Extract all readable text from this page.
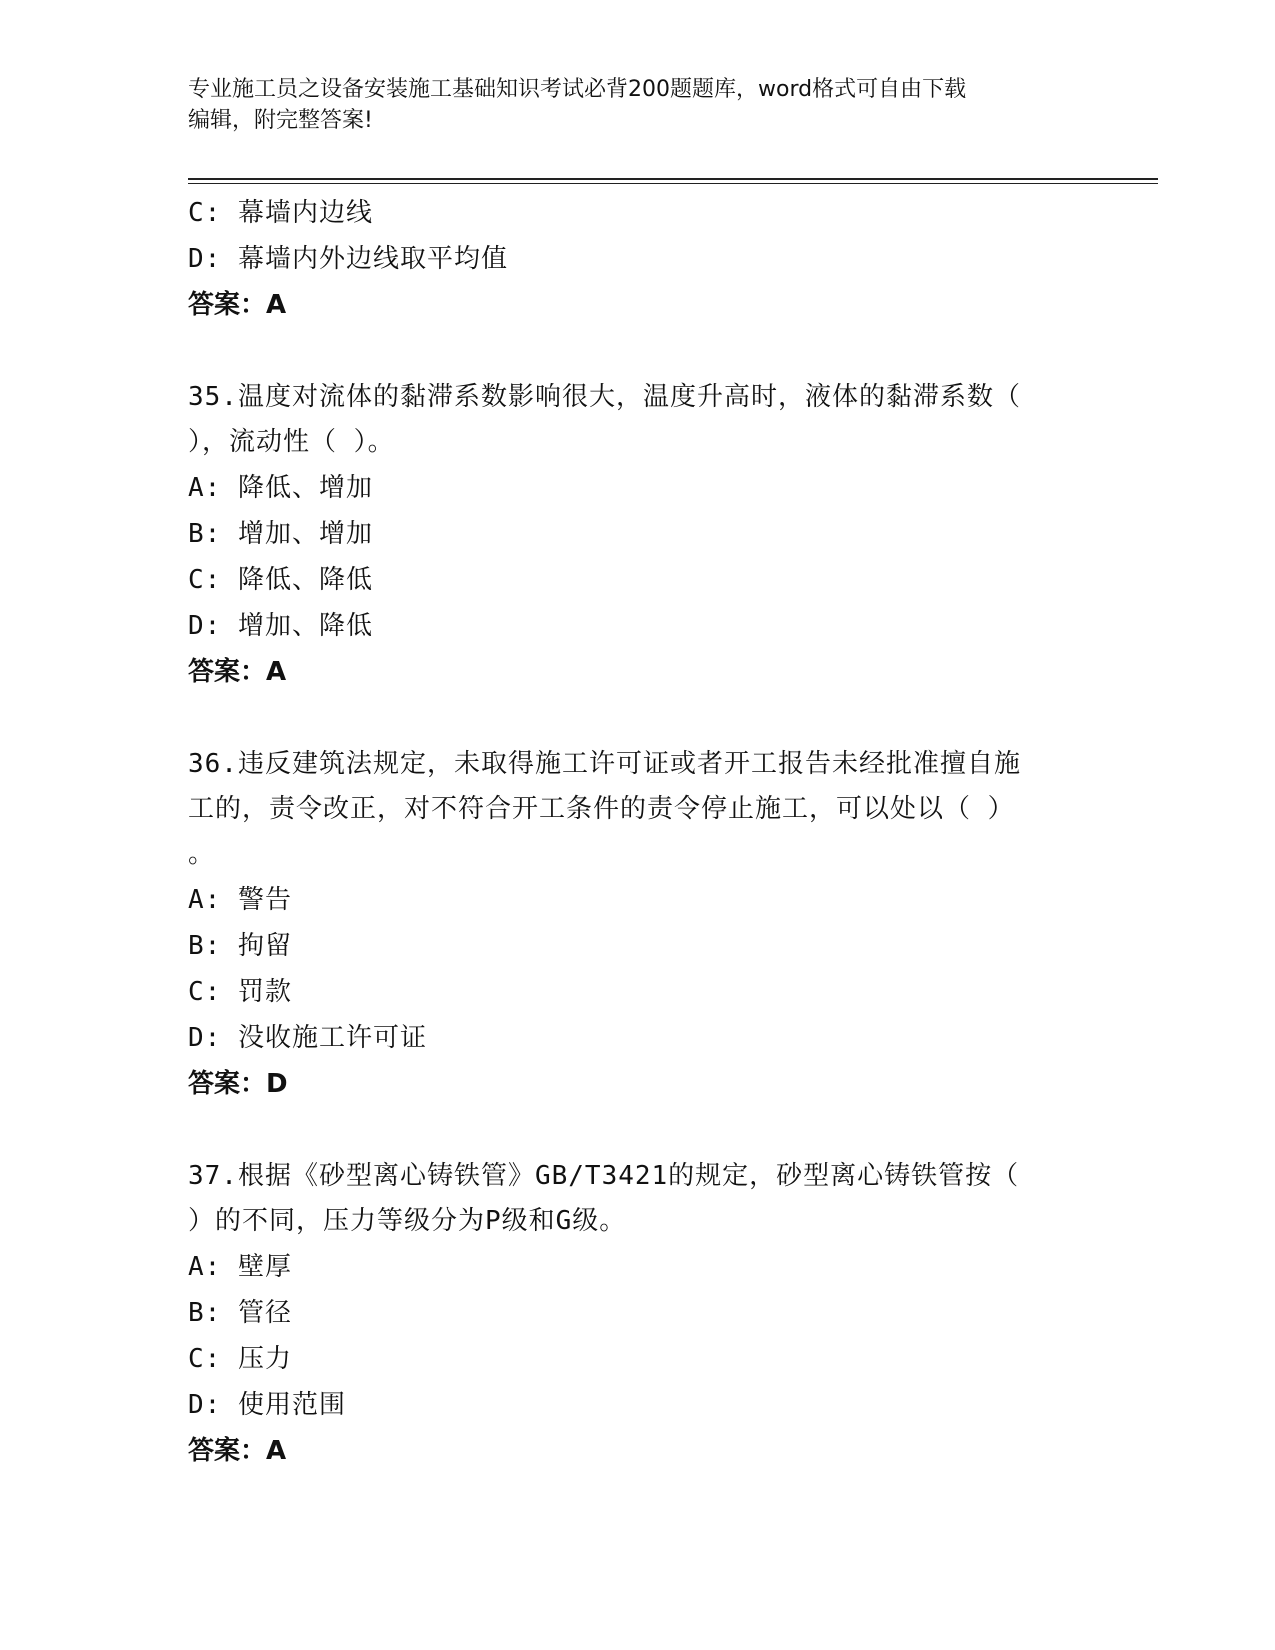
专业施工员之设备安装施工基础知识考试必背200题题库，word格式可自由下载
编辑，附完整答案!
C: 幕墙内边线
D: 幕墙内外边线取平均值
答案：A
35.温度对流体的黏滞系数影响很大，温度升高时，液体的黏滞系数（
），流动性（ ）。
A: 降低、增加
B: 增加、增加
C: 降低、降低
D: 增加、降低
答案：A
36.违反建筑法规定，未取得施工许可证或者开工报告未经批准擅自施
工的，责令改正，对不符合开工条件的责令停止施工，可以处以（ ）
。
A: 警告
B: 拘留
C: 罚款
D: 没收施工许可证
答案：D
37.根据《砂型离心铸铁管》GB/T3421的规定，砂型离心铸铁管按（
）的不同，压力等级分为P级和G级。
A: 壁厚
B: 管径
C: 压力
D: 使用范围
答案：A
